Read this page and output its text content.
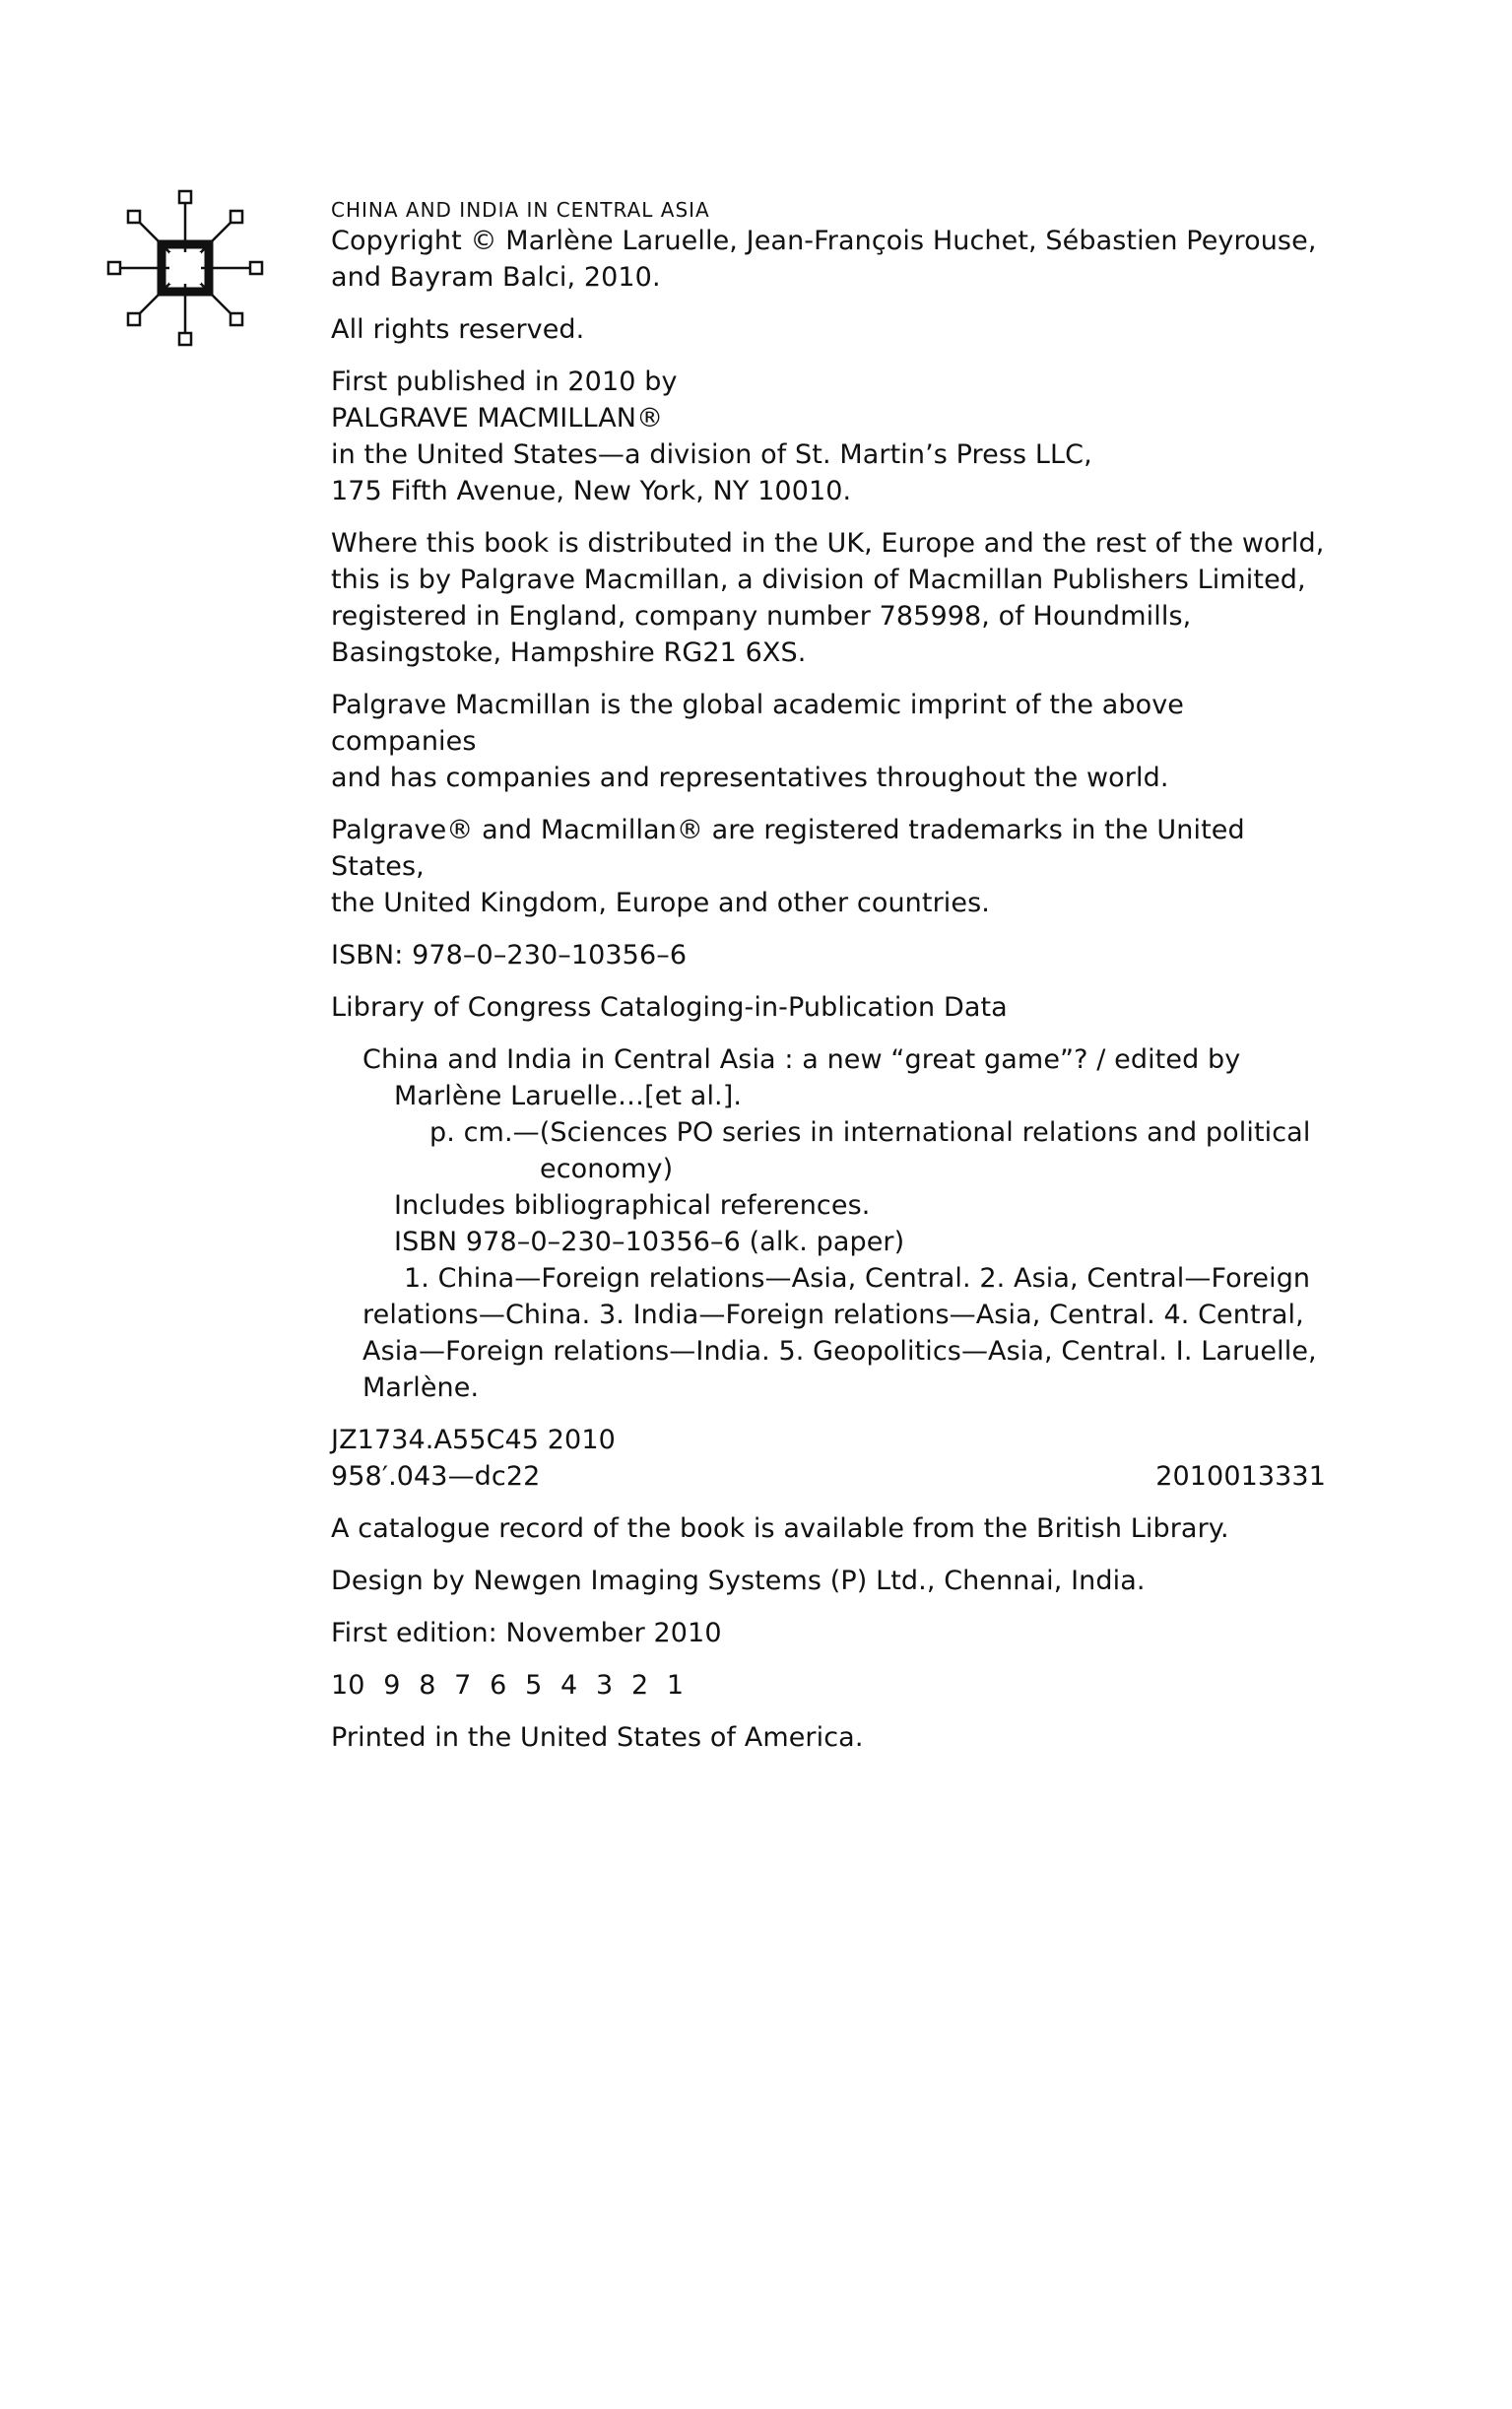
CHINA AND INDIA IN CENTRAL ASIA

Copyright © Marlène Laruelle, Jean-François Huchet, Sébastien Peyrouse,

and Bayram Balci, 2010.

All rights reserved.

First published in 2010 by

PALGRAVE MACMILLAN®

in the United States—a division of St. Martin’s Press LLC,

175 Fifth Avenue, New York, NY 10010.

Where this book is distributed in the UK, Europe and the rest of the world,

this is by Palgrave Macmillan, a division of Macmillan Publishers Limited,

registered in England, company number 785998, of Houndmills,

Basingstoke, Hampshire RG21 6XS.

Palgrave Macmillan is the global academic imprint of the above companies

and has companies and representatives throughout the world.

Palgrave® and Macmillan® are registered trademarks in the United States,

the United Kingdom, Europe and other countries.

ISBN: 978–0–230–10356–6

Library of Congress Cataloging-in-Publication Data

China and India in Central Asia : a new “great game”? / edited by
Marlène Laruelle…[et al.].

p. cm.—(Sciences PO series in international relations and political
economy)

Includes bibliographical references.

ISBN 978–0–230–10356–6 (alk. paper)

1. China—Foreign relations—Asia, Central. 2. Asia, Central—Foreign
relations—China. 3. India—Foreign relations—Asia, Central. 4. Central,
Asia—Foreign relations—India. 5. Geopolitics—Asia, Central. I. Laruelle,
Marlène.

JZ1734.A55C45 2010

958′.043—dc22	2010013331

A catalogue record of the book is available from the British Library.

Design by Newgen Imaging Systems (P) Ltd., Chennai, India.

First edition: November 2010

10 9 8 7 6 5 4 3 2 1

Printed in the United States of America.
